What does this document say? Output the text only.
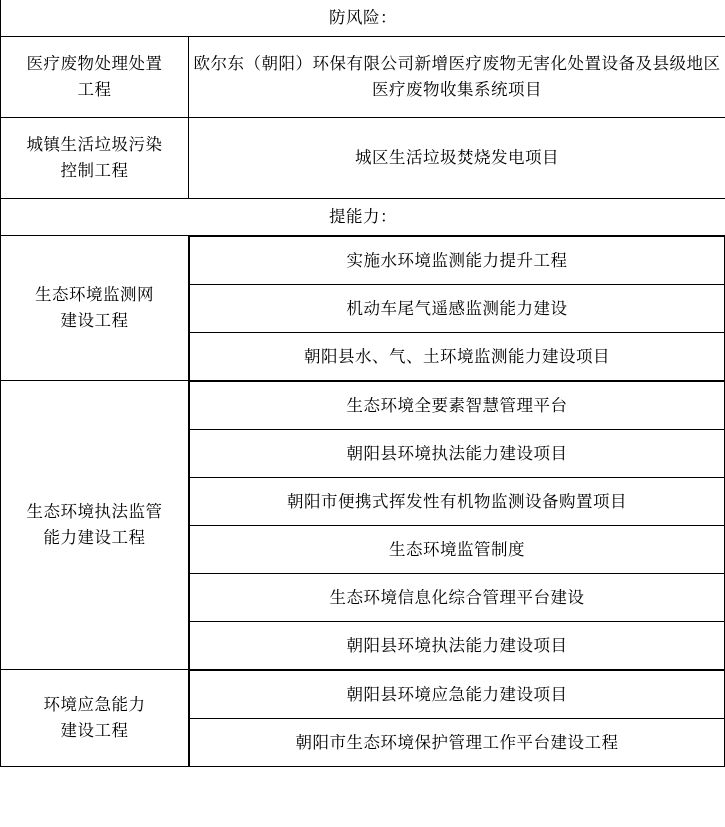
防风险：

医疗废物处理处置
工程
	欧尔东（朝阳）环保有限公司新增医疗废物无害化处置设备及县级地区医疗废物收集系统项目

城镇生活垃圾污染
控制工程
	城区生活垃圾焚烧发电项目
提能力：

生态环境监测网
建设工程

实施水环境监测能力提升工程
机动车尾气遥感监测能力建设
朝阳县水、气、土环境监测能力建设项目

生态环境执法监管
能力建设工程

生态环境全要素智慧管理平台
朝阳县环境执法能力建设项目
朝阳市便携式挥发性有机物监测设备购置项目
生态环境监管制度
生态环境信息化综合管理平台建设
朝阳县环境执法能力建设项目

环境应急能力
建设工程

朝阳县环境应急能力建设项目
朝阳市生态环境保护管理工作平台建设工程
